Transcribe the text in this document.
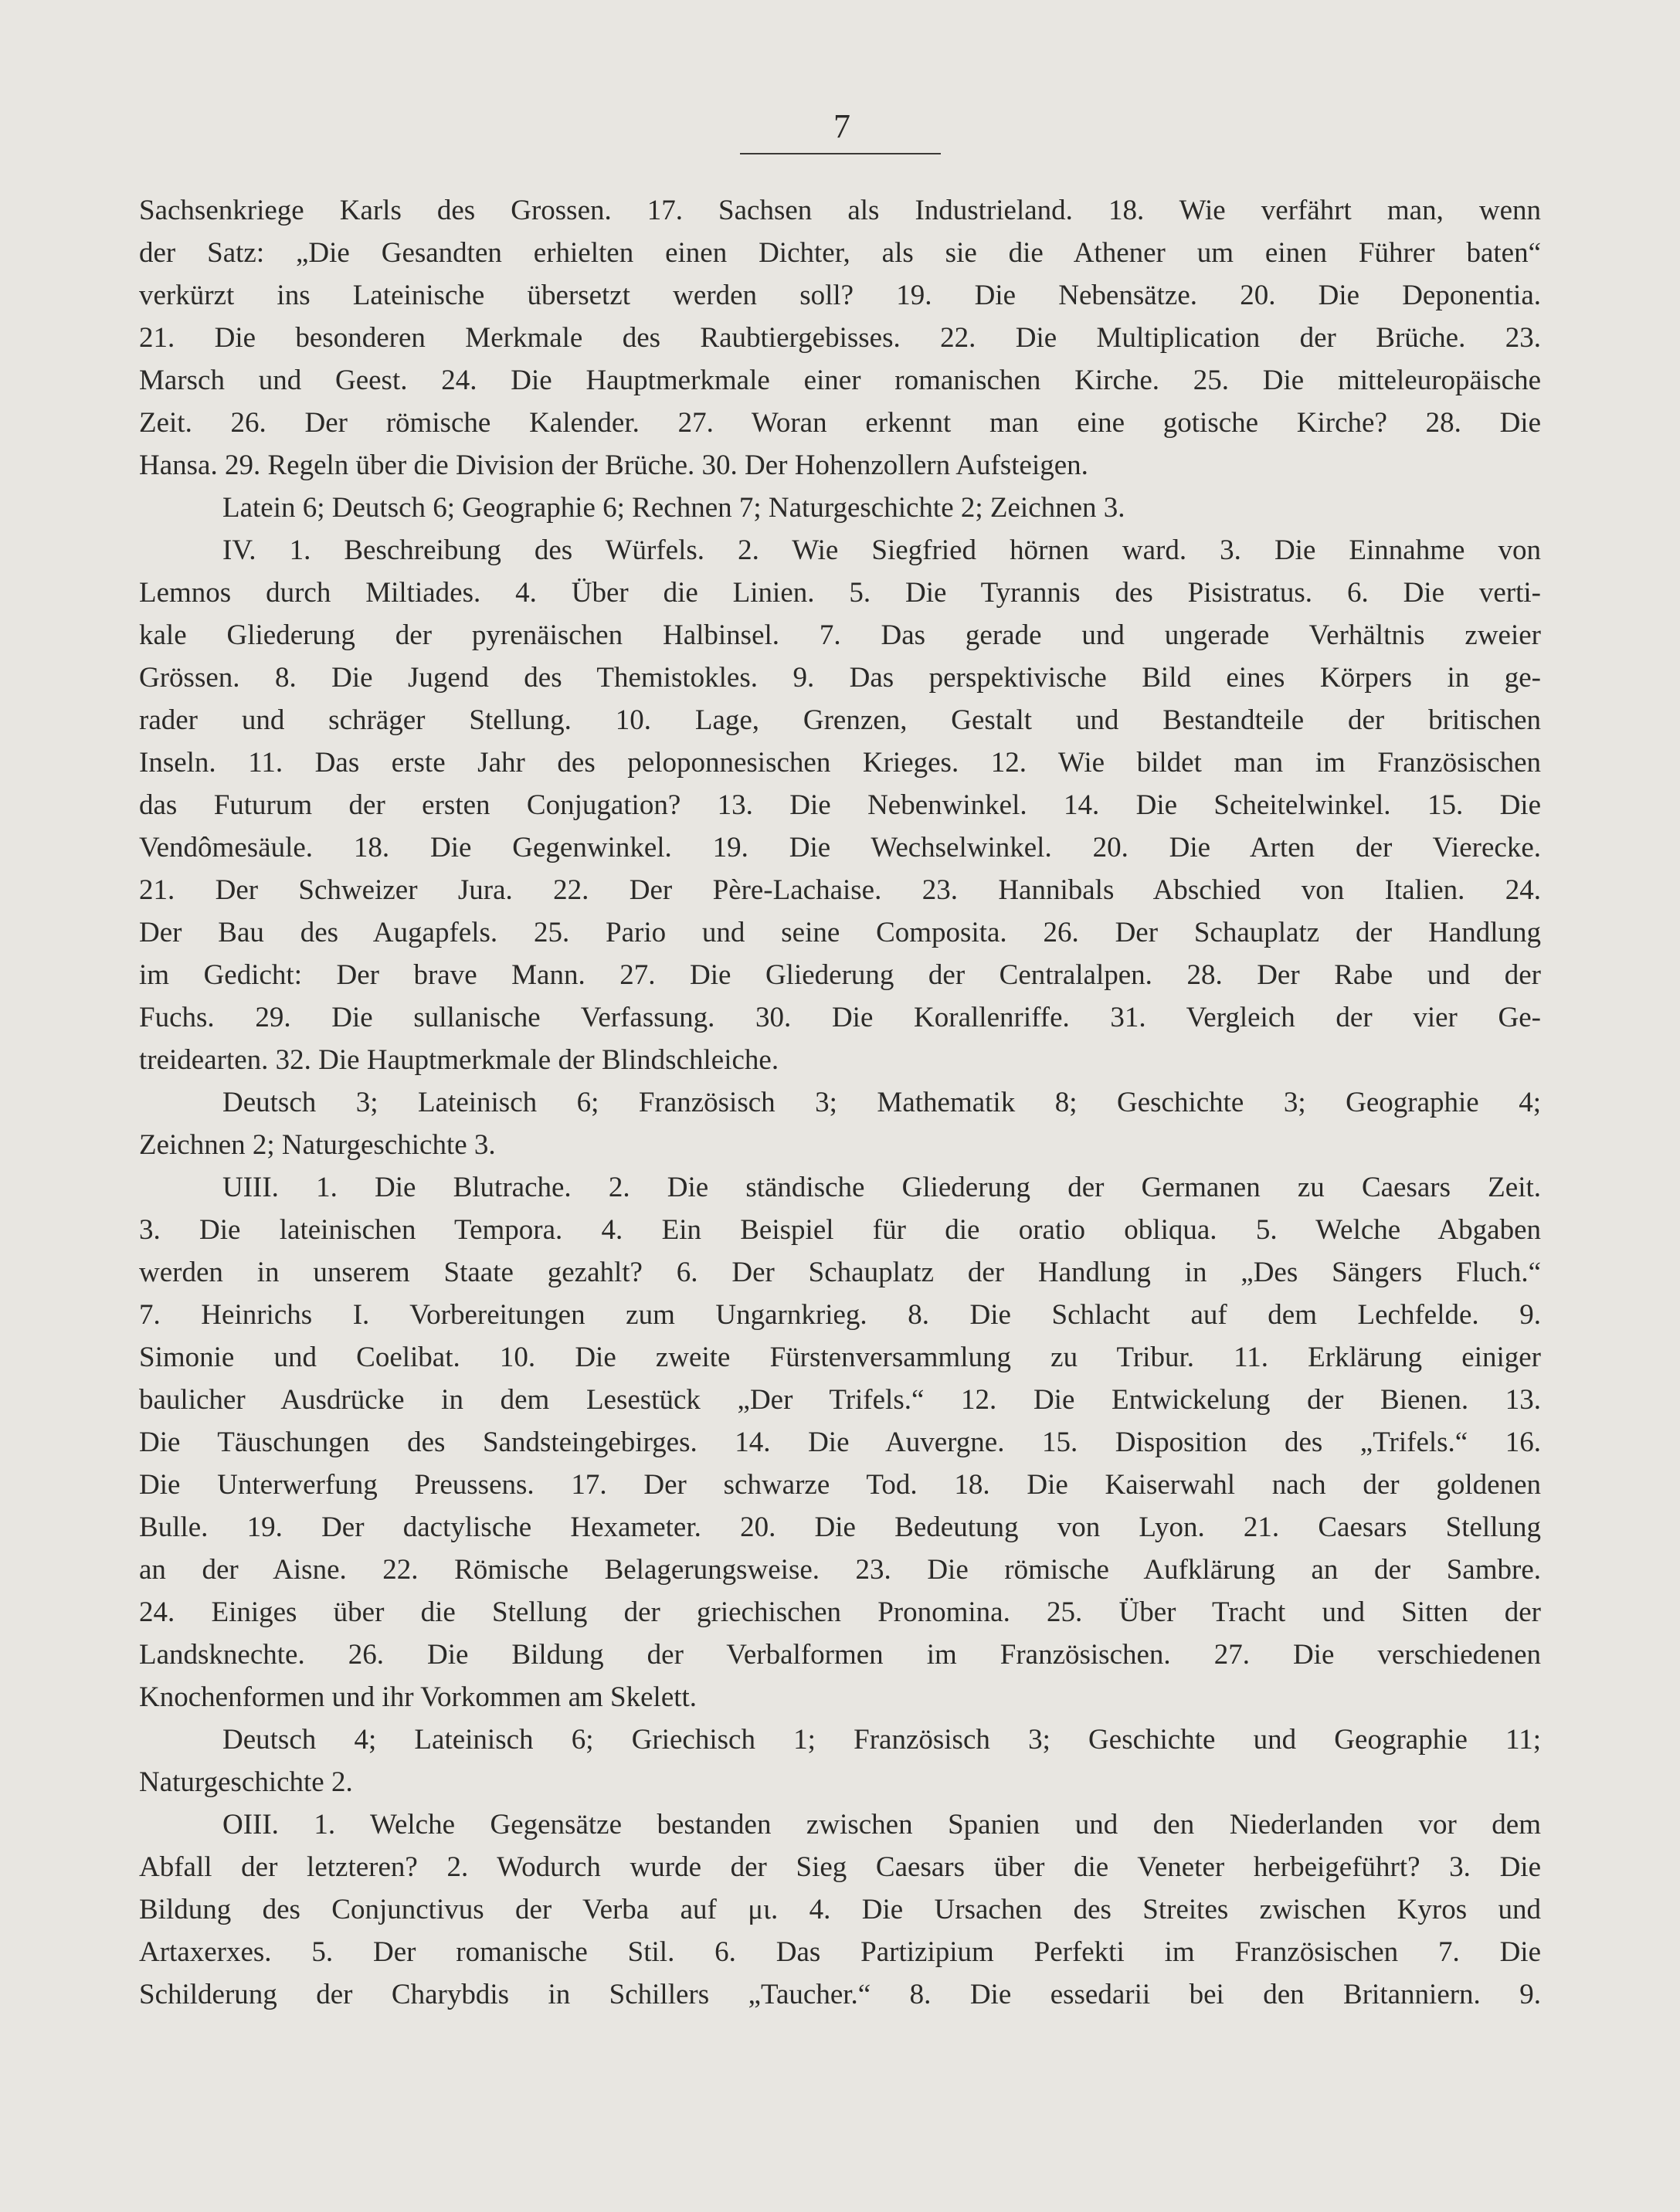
7
Sachsenkriege Karls des Grossen. 17. Sachsen als Industrieland. 18. Wie verfährt man, wenn
der Satz: „Die Gesandten erhielten einen Dichter, als sie die Athener um einen Führer baten“
verkürzt ins Lateinische übersetzt werden soll? 19. Die Nebensätze. 20. Die Deponentia.
21. Die besonderen Merkmale des Raubtiergebisses. 22. Die Multiplication der Brüche. 23.
Marsch und Geest. 24. Die Hauptmerkmale einer romanischen Kirche. 25. Die mitteleuropäische
Zeit. 26. Der römische Kalender. 27. Woran erkennt man eine gotische Kirche? 28. Die
Hansa. 29. Regeln über die Division der Brüche. 30. Der Hohenzollern Aufsteigen.
Latein 6; Deutsch 6; Geographie 6; Rechnen 7; Naturgeschichte 2; Zeichnen 3.
IV. 1. Beschreibung des Würfels. 2. Wie Siegfried hörnen ward. 3. Die Einnahme von
Lemnos durch Miltiades. 4. Über die Linien. 5. Die Tyrannis des Pisistratus. 6. Die verti-
kale Gliederung der pyrenäischen Halbinsel. 7. Das gerade und ungerade Verhältnis zweier
Grössen. 8. Die Jugend des Themistokles. 9. Das perspektivische Bild eines Körpers in ge-
rader und schräger Stellung. 10. Lage, Grenzen, Gestalt und Bestandteile der britischen
Inseln. 11. Das erste Jahr des peloponnesischen Krieges. 12. Wie bildet man im Französischen
das Futurum der ersten Conjugation? 13. Die Nebenwinkel. 14. Die Scheitelwinkel. 15. Die
Vendômesäule. 18. Die Gegenwinkel. 19. Die Wechselwinkel. 20. Die Arten der Vierecke.
21. Der Schweizer Jura. 22. Der Père-Lachaise. 23. Hannibals Abschied von Italien. 24.
Der Bau des Augapfels. 25. Pario und seine Composita. 26. Der Schauplatz der Handlung
im Gedicht: Der brave Mann. 27. Die Gliederung der Centralalpen. 28. Der Rabe und der
Fuchs. 29. Die sullanische Verfassung. 30. Die Korallenriffe. 31. Vergleich der vier Ge-
treidearten. 32. Die Hauptmerkmale der Blindschleiche.
Deutsch 3; Lateinisch 6; Französisch 3; Mathematik 8; Geschichte 3; Geographie 4;
Zeichnen 2; Naturgeschichte 3.
UIII. 1. Die Blutrache. 2. Die ständische Gliederung der Germanen zu Caesars Zeit.
3. Die lateinischen Tempora. 4. Ein Beispiel für die oratio obliqua. 5. Welche Abgaben
werden in unserem Staate gezahlt? 6. Der Schauplatz der Handlung in „Des Sängers Fluch.“
7. Heinrichs I. Vorbereitungen zum Ungarnkrieg. 8. Die Schlacht auf dem Lechfelde. 9.
Simonie und Coelibat. 10. Die zweite Fürstenversammlung zu Tribur. 11. Erklärung einiger
baulicher Ausdrücke in dem Lesestück „Der Trifels.“ 12. Die Entwickelung der Bienen. 13.
Die Täuschungen des Sandsteingebirges. 14. Die Auvergne. 15. Disposition des „Trifels.“ 16.
Die Unterwerfung Preussens. 17. Der schwarze Tod. 18. Die Kaiserwahl nach der goldenen
Bulle. 19. Der dactylische Hexameter. 20. Die Bedeutung von Lyon. 21. Caesars Stellung
an der Aisne. 22. Römische Belagerungsweise. 23. Die römische Aufklärung an der Sambre.
24. Einiges über die Stellung der griechischen Pronomina. 25. Über Tracht und Sitten der
Landsknechte. 26. Die Bildung der Verbalformen im Französischen. 27. Die verschiedenen
Knochenformen und ihr Vorkommen am Skelett.
Deutsch 4; Lateinisch 6; Griechisch 1; Französisch 3; Geschichte und Geographie 11;
Naturgeschichte 2.
OIII. 1. Welche Gegensätze bestanden zwischen Spanien und den Niederlanden vor dem
Abfall der letzteren? 2. Wodurch wurde der Sieg Caesars über die Veneter herbeigeführt? 3. Die
Bildung des Conjunctivus der Verba auf μι. 4. Die Ursachen des Streites zwischen Kyros und
Artaxerxes. 5. Der romanische Stil. 6. Das Partizipium Perfekti im Französischen 7. Die
Schilderung der Charybdis in Schillers „Taucher.“ 8. Die essedarii bei den Britanniern. 9.
